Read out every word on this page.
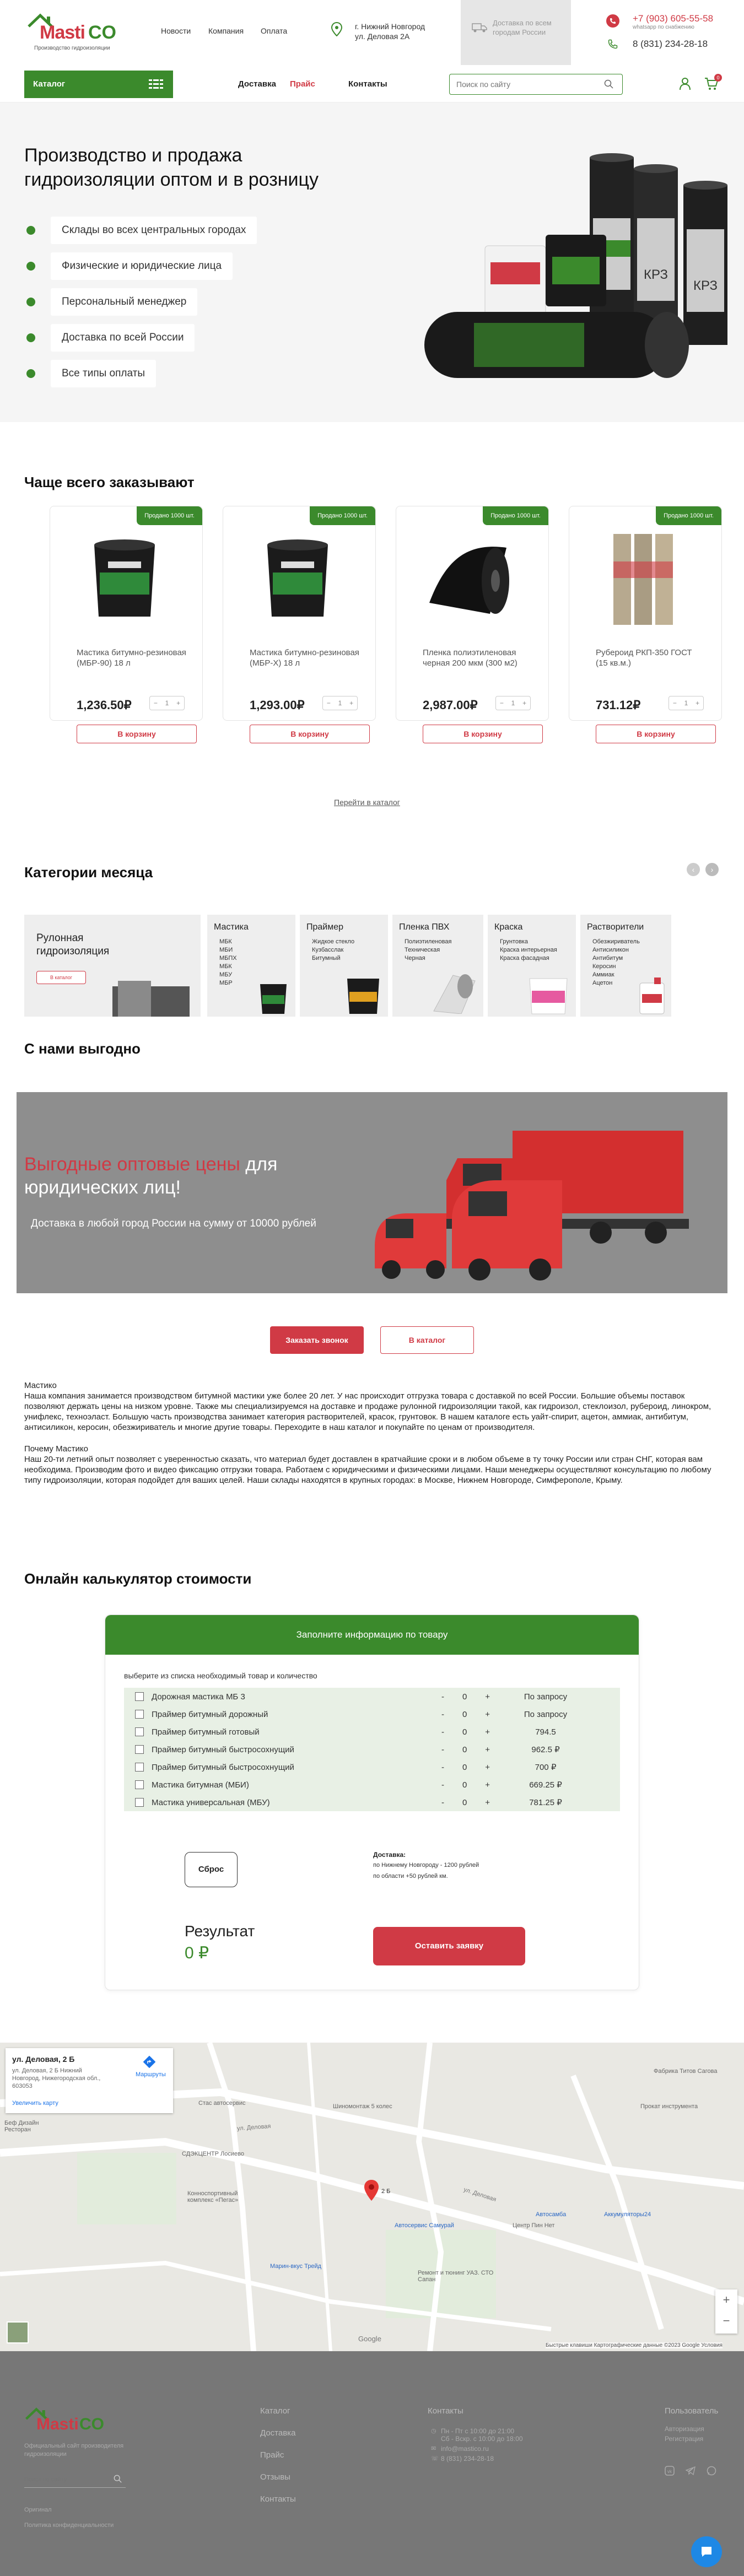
Masti CO
Производство гидроизоляции
Новости Компания Оплата	г. Нижний Новгород
ул. Деловая 2А
Доставка по всем
городам России
+7 (903) 605-55-58
whatsapp по снабжению
8 (831) 234-28-18
Каталог	Доставка Прайс	Контакты
Поиск по сайту
0
Производство и продажа
гидроизоляции оптом и в розницу
Склады во всех центральных городах
Физические и юридические лица
Персональный менеджер
Доставка по всей России
Все типы оплаты
КРЗ
КРЗ
Чаще всего заказывают
Продано 1000 шт.
Мастика битумно-резиновая (МБР-90) 18 л
1,236.50₽	− 1 +
В корзину
Продано 1000 шт.
Мастика битумно-резиновая (МБР-Х) 18 л
1,293.00₽	− 1 +
В корзину
Продано 1000 шт.
Пленка полиэтиленовая черная 200 мкм (300 м2)
2,987.00₽	− 1 +
В корзину
Продано 1000 шт.
Рубероид РКП-350 ГОСТ (15 кв.м.)
731.12₽	− 1 +
В корзину
Перейти в каталог
Категории месяца	‹	›
Рулонная
гидроизоляция
В каталог
Мастика
МБК
МБИ
МБПХ
МБК
МБУ
МБР
Праймер
Жидкое стекло
Кузбасслак
Битумный
Пленка ПВХ
Полиэтиленовая
Техническая
Черная
Краска
Грунтовка
Краска интерьерная
Краска фасадная
Растворители
Обезжириватель
Антисиликон
Антибитум
Керосин
Аммиак
Ацетон
С нами выгодно
Выгодные оптовые цены для
юридических лиц!
Доставка в любой город России на сумму от 10000 рублей
Заказать звонок	В каталог
Мастико

Наша компания занимается производством битумной мастики уже более 20 лет. У нас происходит отгрузка товара с доставкой по всей России. Большие объемы поставок позволяют держать цены на низком уровне. Также мы специализируемся на доставке и продаже рулонной гидроизоляции такой, как гидроизол, стеклоизол, рубероид, линокром, унифлекс, техноэласт. Большую часть производства занимает категория растворителей, красок, грунтовок. В нашем каталоге есть уайт-спирит, ацетон, аммиак, антибитум, антисиликон, керосин, обезжириватель и многие другие товары. Переходите в наш каталог и покупайте по ценам от производителя.

Почему Мастико

Наш 20-ти летний опыт позволяет с уверенностью сказать, что материал будет доставлен в кратчайшие сроки и в любом объеме в ту точку России или стран СНГ, которая вам необходима. Производим фото и видео фиксацию отгрузки товара. Работаем с юридическими и физическими лицами. Наши менеджеры осуществляют консультацию по любому типу гидроизоляции, которая подойдет для ваших целей. Наши склады находятся в крупных городах: в Москве, Нижнем Новгороде, Симферополе, Крыму.

Онлайн калькулятор стоимости
Заполните информацию по товару
выберите из списка необходимый товар и количество
Дорожная мастика МБ 3	- 0 +	По запросу
Праймер битумный дорожный	- 0 +	По запросу
Праймер битумный готовый	- 0 +	794.5
Праймер битумный быстросохнущий	- 0 +	962.5 ₽
Праймер битумный быстросохнущий	- 0 +	700 ₽
Мастика битумная (МБИ)	- 0 +	669.25 ₽
Мастика универсальная (МБУ)	- 0 +	781.25 ₽
Сброс
Доставка:
по Нижнему Новгороду - 1200 рублей
по области +50 рублей км.
Результат
0 ₽	Оставить заявку
2 Б
Стас автосервис	Шиномонтаж 5 колес
Фабрика Титов Сагова
Прокат инструмента
Автосервис Самурай	Центр Пин Нет
Автосамба	Аккумуляторы24
Ремонт и тюнинг УАЗ. СТО Сапан
Марин-вкус Трейд
СДЭКЦЕНТР Лосиево
Конноспортивный комплекс «Пегас»
Беф Дизайн Ресторан	ул. Деловая
ул. Деловая
ул. Деловая, 2 Б
ул. Деловая, 2 Б Нижний Новгород, Нижегородская обл., 603053
Маршруты
Увеличить карту
+
−
Google
Быстрые клавиши Картографические данные ©2023 Google Условия
Masti CO
Официальный сайт производителя
гидроизоляции
Поиск по сайту
Оригинал
Политика конфиденциальности
Каталог
Доставка
Прайс
Отзывы
Контакты
Контакты
◷ Пн - Пт с 10:00 до 21:00
Сб - Вскр. с 10:00 до 18:00
✉ info@mastico.ru
☏ 8 (831) 234-28-18
Пользователь
Авторизация
Регистрация
vk
